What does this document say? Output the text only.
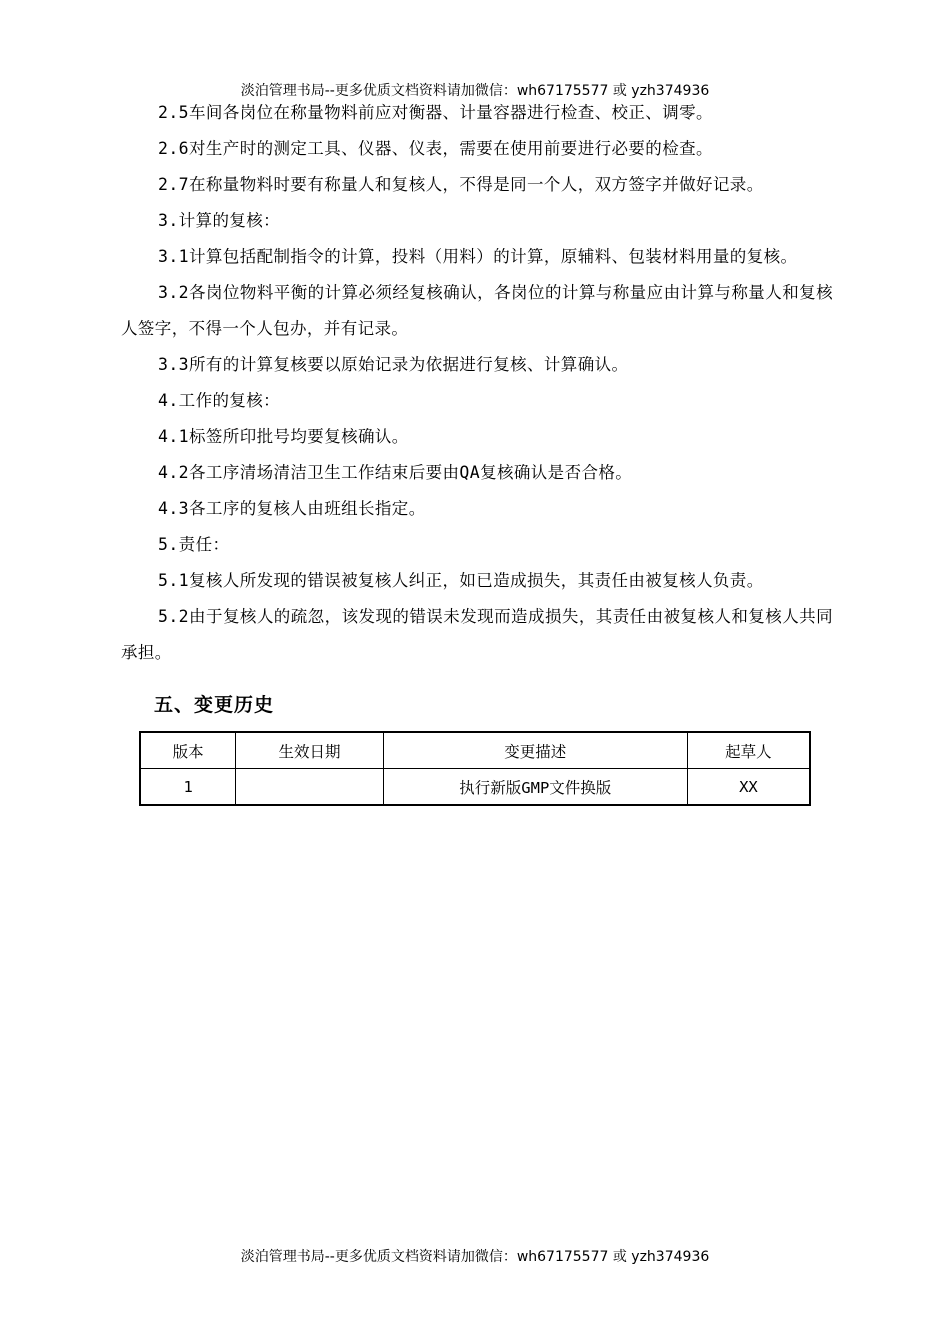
淡泊管理书局--更多优质文档资料请加微信：wh67175577 或 yzh374936

2.5车间各岗位在称量物料前应对衡器、计量容器进行检查、校正、调零。

2.6对生产时的测定工具、仪器、仪表，需要在使用前要进行必要的检查。

2.7在称量物料时要有称量人和复核人，不得是同一个人，双方签字并做好记录。

3.计算的复核：

3.1计算包括配制指令的计算，投料（用料）的计算，原辅料、包装材料用量的复核。

3.2各岗位物料平衡的计算必须经复核确认，各岗位的计算与称量应由计算与称量人和复核人签字，不得一个人包办，并有记录。

3.3所有的计算复核要以原始记录为依据进行复核、计算确认。

4.工作的复核：

4.1标签所印批号均要复核确认。

4.2各工序清场清洁卫生工作结束后要由QA复核确认是否合格。

4.3各工序的复核人由班组长指定。

5.责任：

5.1复核人所发现的错误被复核人纠正，如已造成损失，其责任由被复核人负责。

5.2由于复核人的疏忽，该发现的错误未发现而造成损失，其责任由被复核人和复核人共同承担。

五、变更历史
版本	生效日期	变更描述	起草人
1		执行新版GMP文件换版	XX
淡泊管理书局--更多优质文档资料请加微信：wh67175577 或 yzh374936
